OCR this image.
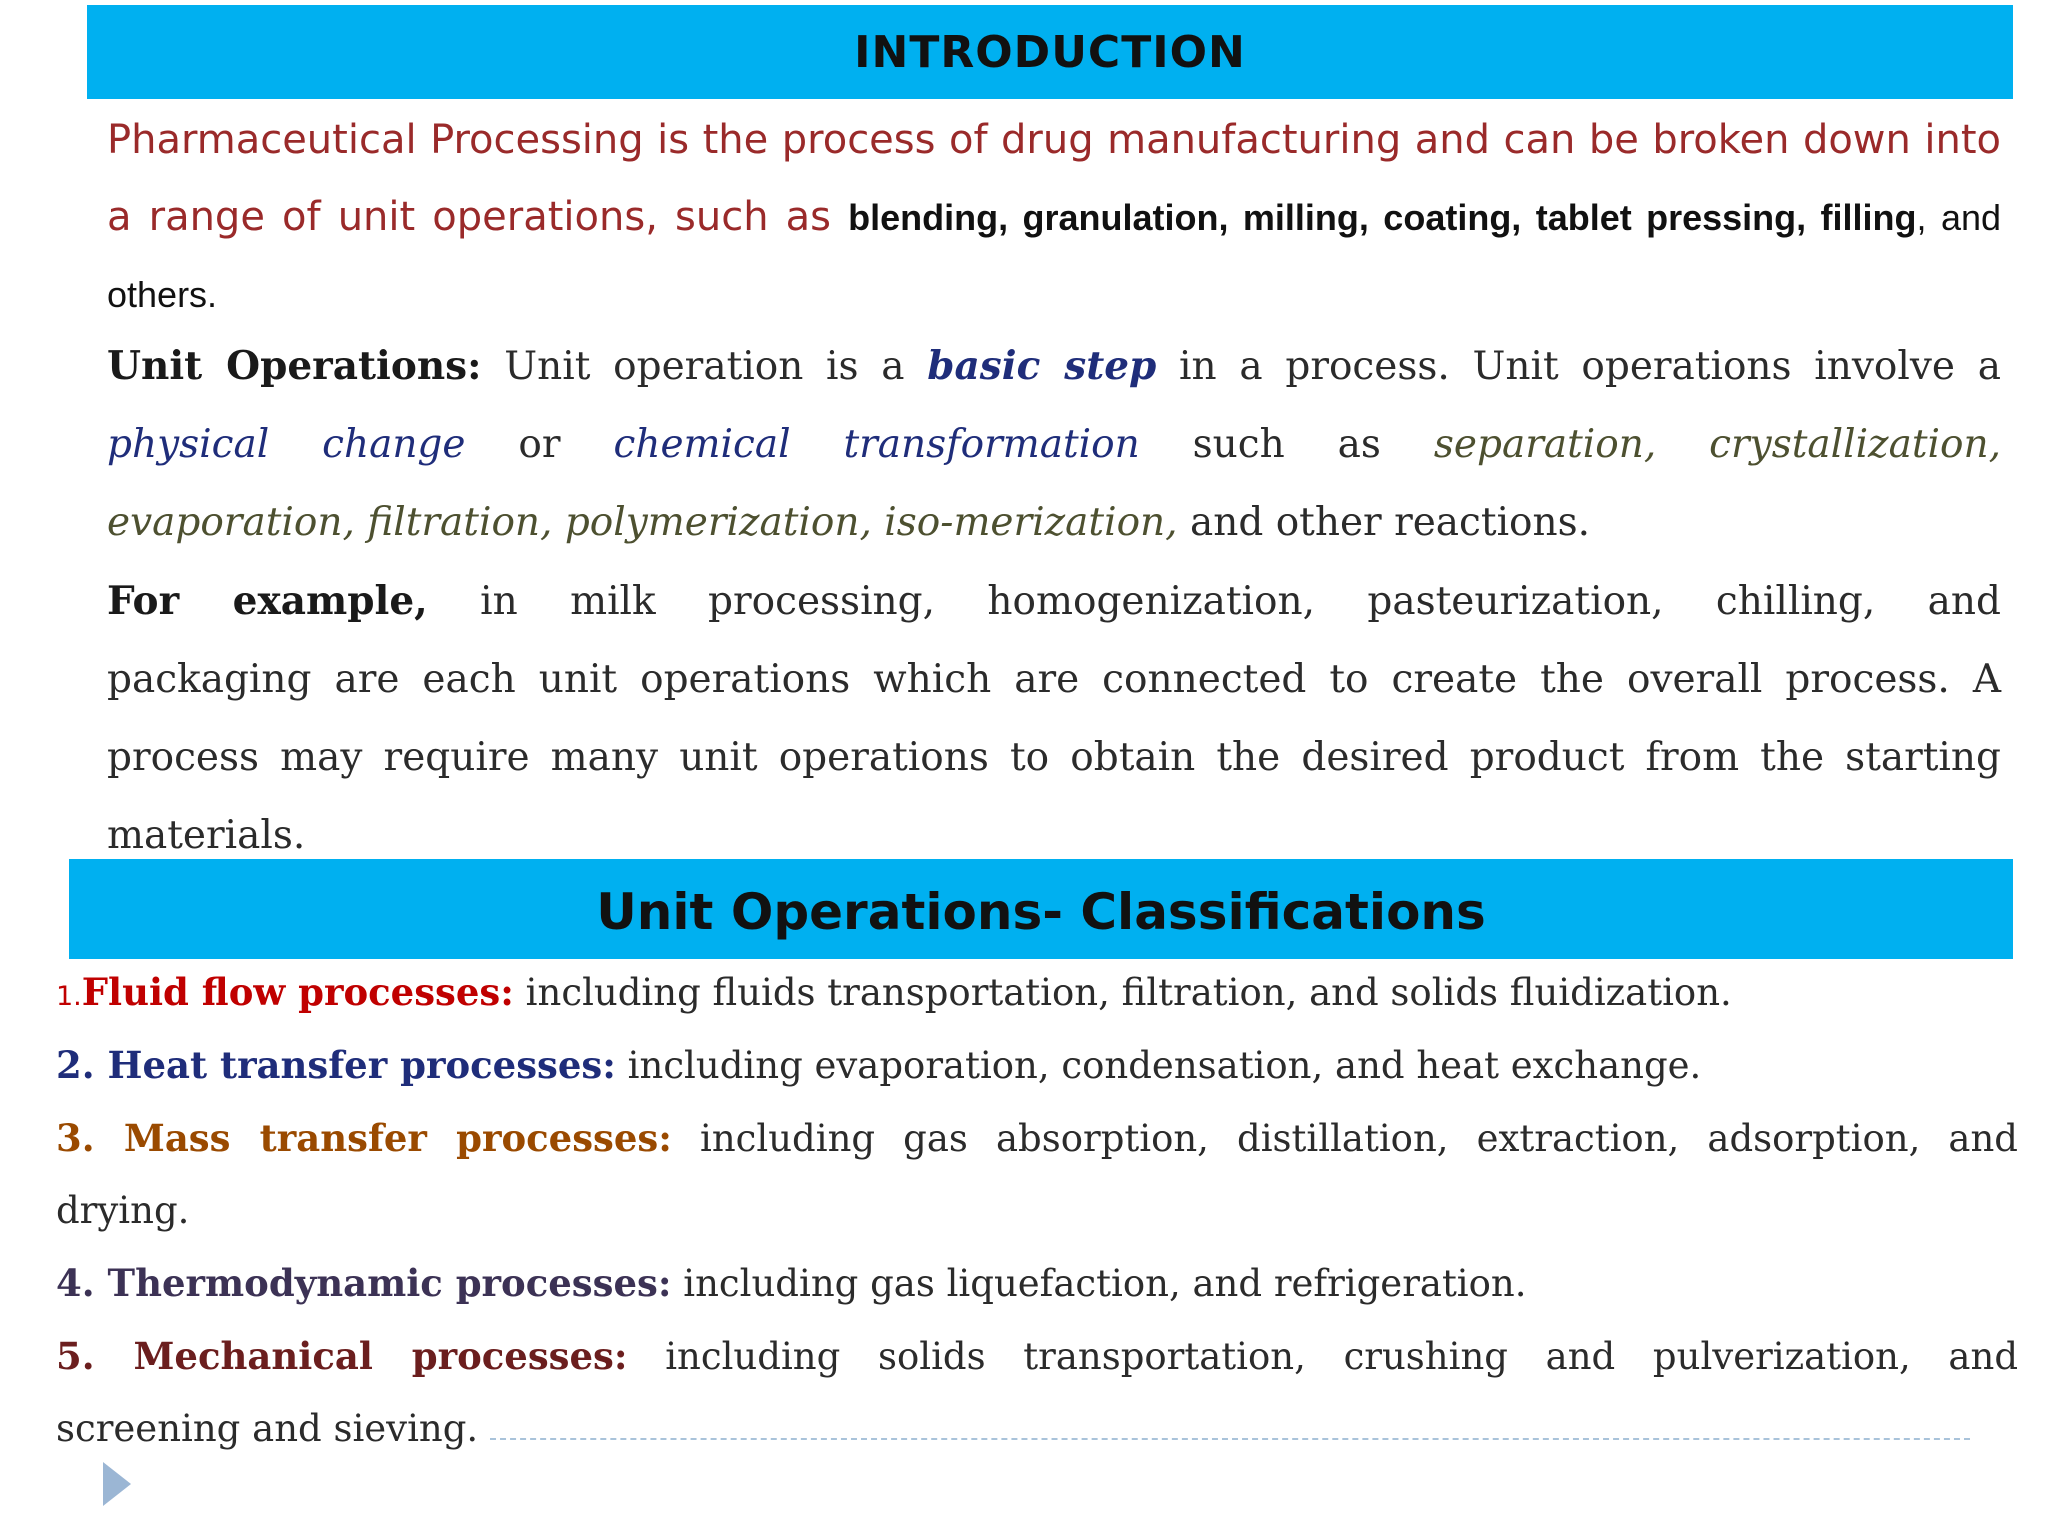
INTRODUCTION
Pharmaceutical Processing is the process of drug manufacturing and can be broken down into
a range of unit operations, such as blending, granulation, milling, coating, tablet pressing, filling, and
others.
Unit Operations: Unit operation is a basic step in a process. Unit operations involve a
physical change or chemical transformation such as separation, crystallization,
evaporation, filtration, polymerization, iso-merization, and other reactions.
For example, in milk processing, homogenization, pasteurization, chilling, and
packaging are each unit operations which are connected to create the overall process. A
process may require many unit operations to obtain the desired product from the starting
materials.
Unit Operations- Classifications
1.Fluid flow processes: including fluids transportation, filtration, and solids fluidization.
2. Heat transfer processes: including evaporation, condensation, and heat exchange.
3. Mass transfer processes: including gas absorption, distillation, extraction, adsorption, and
drying.
4. Thermodynamic processes: including gas liquefaction, and refrigeration.
5. Mechanical processes: including solids transportation, crushing and pulverization, and
screening and sieving.
